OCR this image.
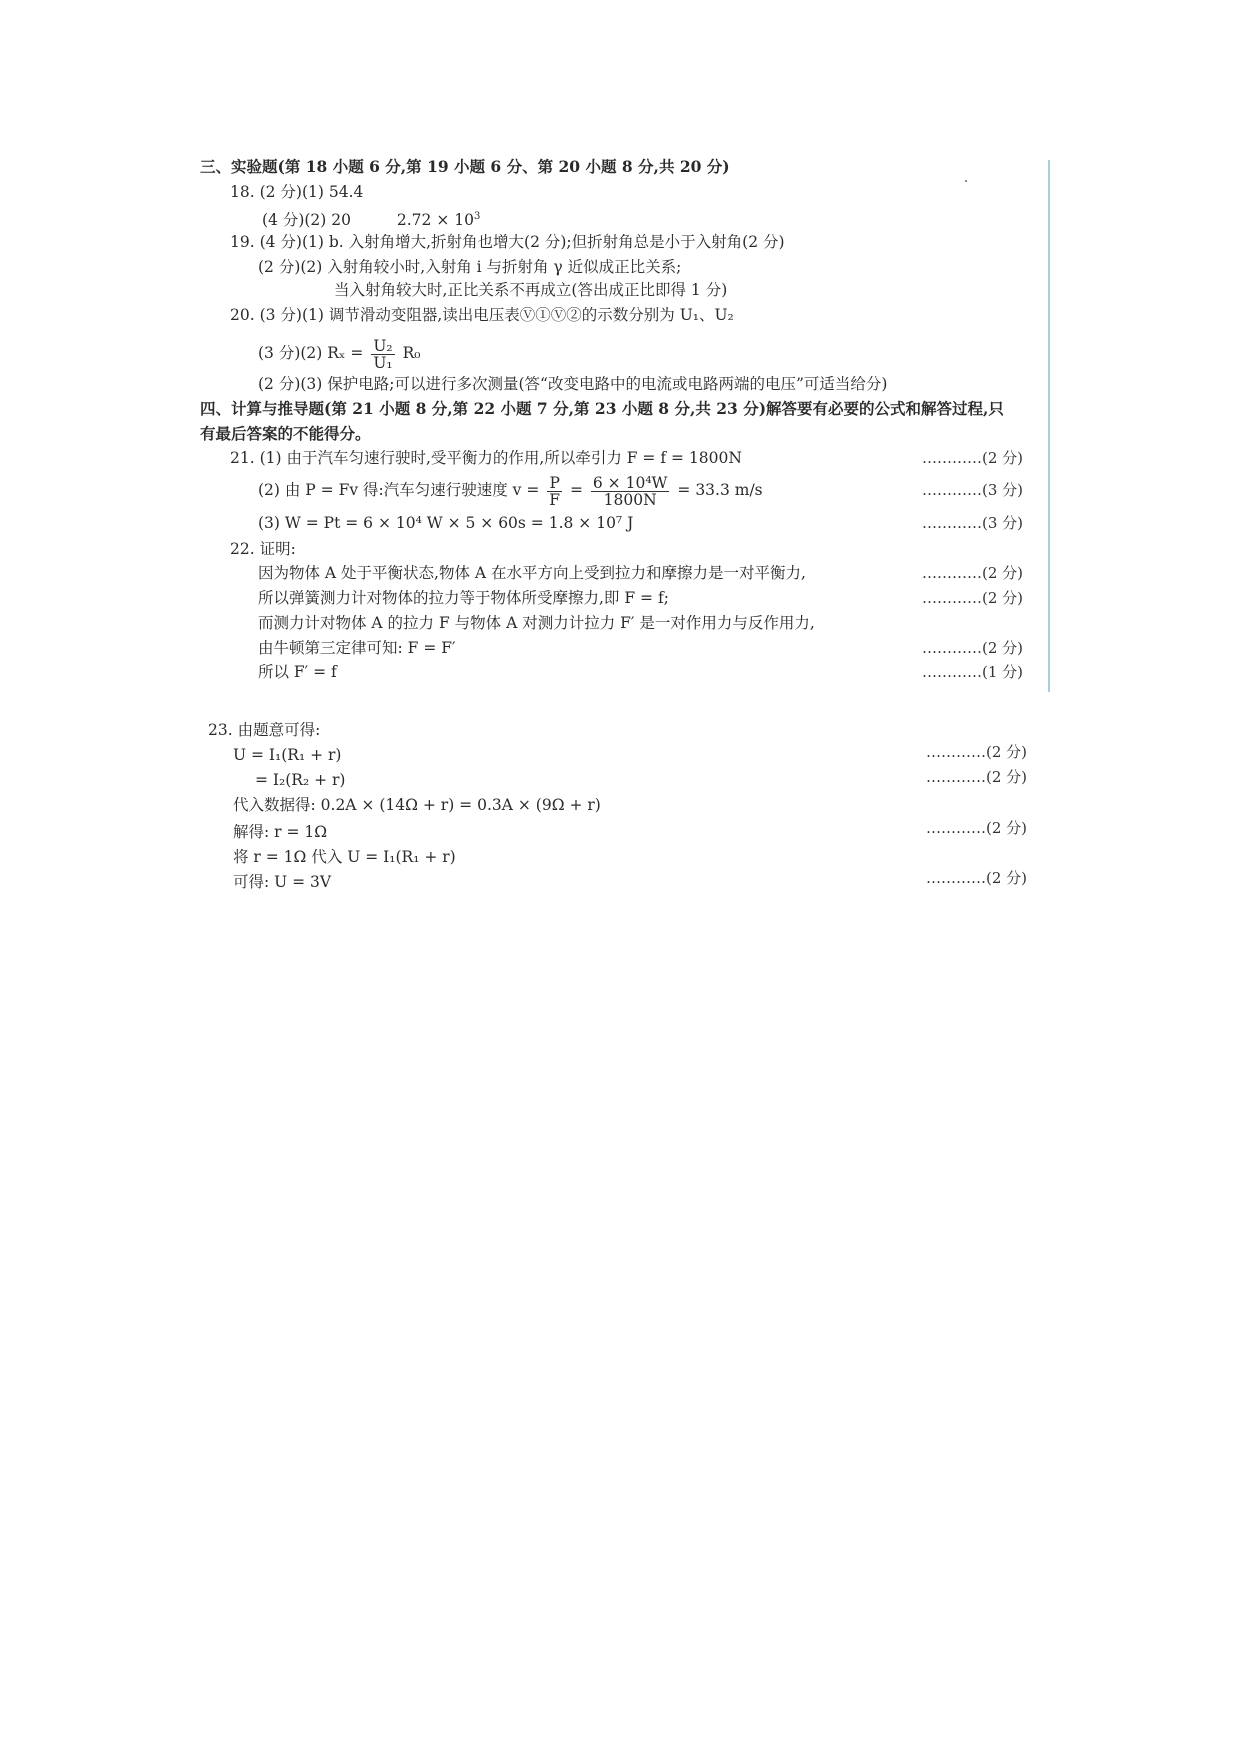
三、实验题(第 18 小题 6 分,第 19 小题 6 分、第 20 小题 8 分,共 20 分)
18. (2 分)(1) 54.4
(4 分)(2) 20	$2.72 \times 10^3$
19. (4 分)(1) b. 入射角增大,折射角也增大(2 分);但折射角总是小于入射角(2 分)
(2 分)(2) 入射角较小时,入射角 i 与折射角 γ 近似成正比关系;
当入射角较大时,正比关系不再成立(答出成正比即得 1 分)
20. (3 分)(1) 调节滑动变阻器,读出电压表Ⓥ①Ⓥ②的示数分别为 U₁、U₂
(3 分)(2) $R_x = \frac{\text{U₂}}{\text{U₁}} R_0$
(2 分)(3) 保护电路;可以进行多次测量(答“改变电路中的电流或电路两端的电压”可适当给分)
四、计算与推导题(第 21 小题 8 分,第 22 小题 7 分,第 23 小题 8 分,共 23 分)解答要有必要的公式和解答过程,只
有最后答案的不能得分。
21. (1) 由于汽车匀速行驶时,受平衡力的作用,所以牵引力 F = f = 1800N	…………(2 分)
(2) 由 P = Fv 得:汽车匀速行驶速度 $v = \frac{P}{F} = \frac{\text{6 × 10⁴W}}{1800N} = 33.3$ m/s	…………(3 分)
(3) W = Pt = 6 × 10⁴ W × 5 × 60s = 1.8 × 10⁷ J	…………(3 分)
22. 证明:
因为物体 A 处于平衡状态,物体 A 在水平方向上受到拉力和摩擦力是一对平衡力,	…………(2 分)
所以弹簧测力计对物体的拉力等于物体所受摩擦力,即 F = f;	…………(2 分)
而测力计对物体 A 的拉力 F 与物体 A 对测力计拉力 F′ 是一对作用力与反作用力,
由牛顿第三定律可知: F = F′	…………(2 分)
所以 F′ = f	…………(1 分)
23. 由题意可得:
U = I₁(R₁ + r)	…………(2 分)
= I₂(R₂ + r)	…………(2 分)
代入数据得: 0.2A × (14Ω + r) = 0.3A × (9Ω + r)
解得: r = 1Ω	…………(2 分)
将 r = 1Ω 代入 U = I₁(R₁ + r)
可得: U = 3V	…………(2 分)
